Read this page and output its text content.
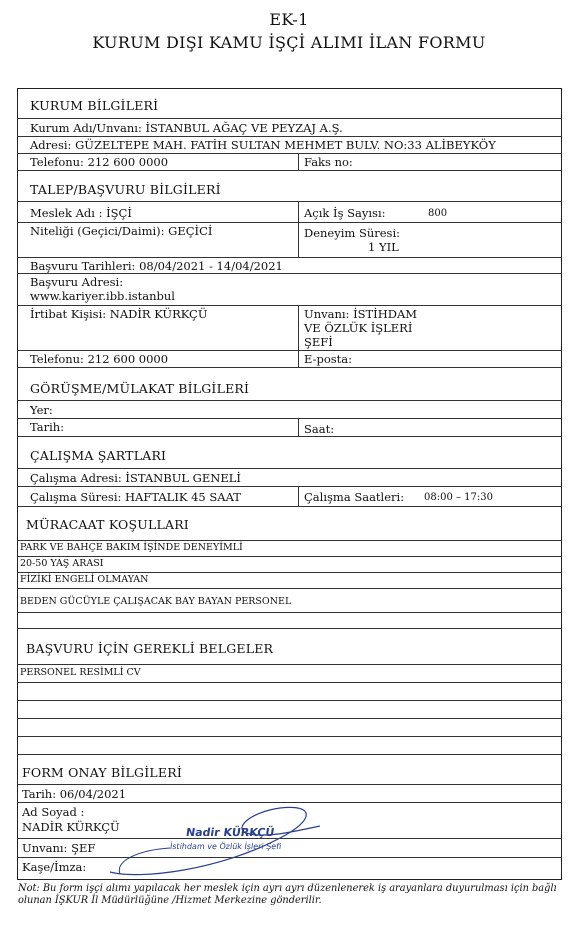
EK-1
KURUM DIŞI KAMU İŞÇİ ALIMI İLAN FORMU
KURUM BİLGİLERİ
Kurum Adı/Unvanı: İSTANBUL AĞAÇ VE PEYZAJ A.Ş.
Adresi: GÜZELTEPE MAH. FATİH SULTAN MEHMET BULV. NO:33 ALİBEYKÖY
Telefonu: 212 600 0000	Faks no:
TALEP/BAŞVURU BİLGİLERİ
Meslek Adı : İŞÇİ	Açık İş Sayısı:	800
Niteliği (Geçici/Daimi): GEÇİCİ	Deneyim Süresi:
1 YIL
Başvuru Tarihleri: 08/04/2021 - 14/04/2021
Başvuru Adresi:
www.kariyer.ibb.istanbul
İrtibat Kişisi: NADİR KÜRKÇÜ	Unvanı: İSTİHDAM
VE ÖZLÜK İŞLERİ
ŞEFİ
Telefonu: 212 600 0000	E-posta:
GÖRÜŞME/MÜLAKAT BİLGİLERİ
Yer:
Tarih:	Saat:
ÇALIŞMA ŞARTLARI
Çalışma Adresi: İSTANBUL GENELİ
Çalışma Süresi: HAFTALIK 45 SAAT	Çalışma Saatleri: 08:00 – 17:30
MÜRACAAT KOŞULLARI
PARK VE BAHÇE BAKIM İŞİNDE DENEYİMLİ
20-50 YAŞ ARASI
FİZİKİ ENGELİ OLMAYAN
BEDEN GÜCÜYLE ÇALIŞACAK BAY BAYAN PERSONEL
BAŞVURU İÇİN GEREKLİ BELGELER
PERSONEL RESİMLİ CV
FORM ONAY BİLGİLERİ
Tarih: 06/04/2021
Ad Soyad :
NADİR KÜRKÇÜ
Unvanı: ŞEF
Kaşe/İmza:
Nadir KÜRKÇÜ
İstihdam ve Özlük İşleri Şefi
Not: Bu form işçi alımı yapılacak her meslek için ayrı ayrı düzenlenerek iş arayanlara duyurulması için bağlı olunan İŞKUR İl Müdürlüğüne /Hizmet Merkezine gönderilir.
